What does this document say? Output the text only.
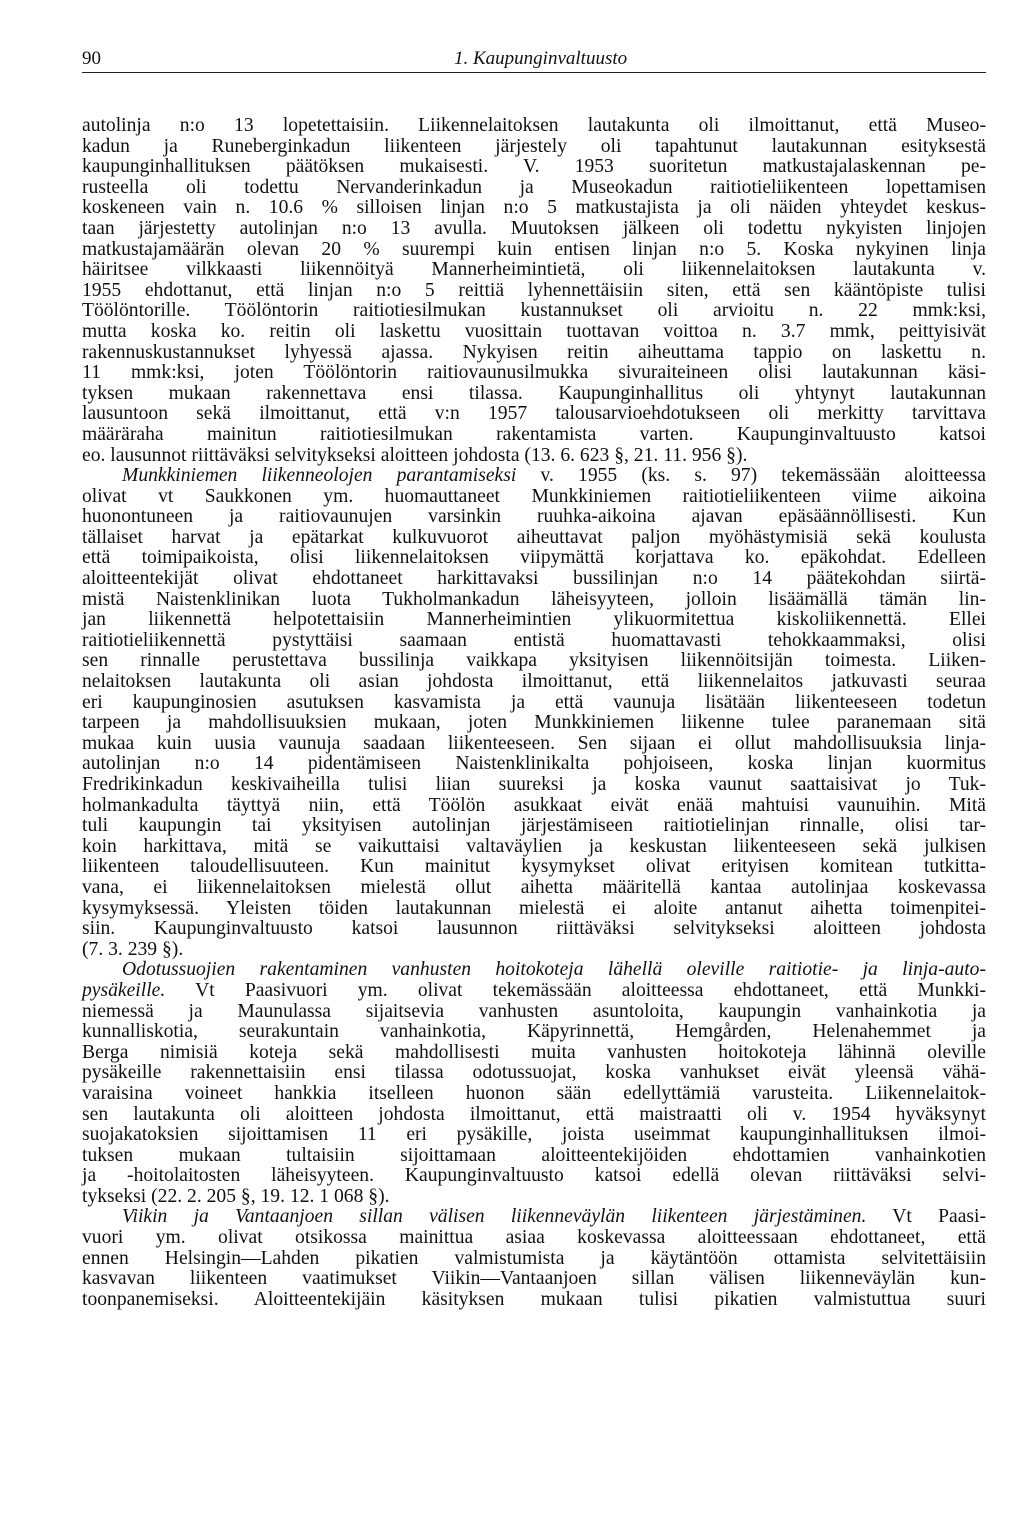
90	1. Kaupunginvaltuusto
autolinja n:o 13 lopetettaisiin. Liikennelaitoksen lautakunta oli ilmoittanut, että Museo-
kadun ja Runeberginkadun liikenteen järjestely oli tapahtunut lautakunnan esityksestä
kaupunginhallituksen päätöksen mukaisesti. V. 1953 suoritetun matkustajalaskennan pe-
rusteella oli todettu Nervanderinkadun ja Museokadun raitiotieliikenteen lopettamisen
koskeneen vain n. 10.6 % silloisen linjan n:o 5 matkustajista ja oli näiden yhteydet keskus-
taan järjestetty autolinjan n:o 13 avulla. Muutoksen jälkeen oli todettu nykyisten linjojen
matkustajamäärän olevan 20 % suurempi kuin entisen linjan n:o 5. Koska nykyinen linja
häiritsee vilkkaasti liikennöityä Mannerheimintietä, oli liikennelaitoksen lautakunta v.
1955 ehdottanut, että linjan n:o 5 reittiä lyhennettäisiin siten, että sen kääntöpiste tulisi
Töölöntorille. Töölöntorin raitiotiesilmukan kustannukset oli arvioitu n. 22 mmk:ksi,
mutta koska ko. reitin oli laskettu vuosittain tuottavan voittoa n. 3.7 mmk, peittyisivät
rakennuskustannukset lyhyessä ajassa. Nykyisen reitin aiheuttama tappio on laskettu n.
11 mmk:ksi, joten Töölöntorin raitiovaunusilmukka sivuraiteineen olisi lautakunnan käsi-
tyksen mukaan rakennettava ensi tilassa. Kaupunginhallitus oli yhtynyt lautakunnan
lausuntoon sekä ilmoittanut, että v:n 1957 talousarvioehdotukseen oli merkitty tarvittava
määräraha mainitun raitiotiesilmukan rakentamista varten. Kaupunginvaltuusto katsoi
eo. lausunnot riittäväksi selvitykseksi aloitteen johdosta (13. 6. 623 §, 21. 11. 956 §).
Munkkiniemen liikenneolojen parantamiseksi v. 1955 (ks. s. 97) tekemässään aloitteessa
olivat vt Saukkonen ym. huomauttaneet Munkkiniemen raitiotieliikenteen viime aikoina
huonontuneen ja raitiovaunujen varsinkin ruuhka-aikoina ajavan epäsäännöllisesti. Kun
tällaiset harvat ja epätarkat kulkuvuorot aiheuttavat paljon myöhästymisiä sekä koulusta
että toimipaikoista, olisi liikennelaitoksen viipymättä korjattava ko. epäkohdat. Edelleen
aloitteentekijät olivat ehdottaneet harkittavaksi bussilinjan n:o 14 päätekohdan siirtä-
mistä Naistenklinikan luota Tukholmankadun läheisyyteen, jolloin lisäämällä tämän lin-
jan liikennettä helpotettaisiin Mannerheimintien ylikuormitettua kiskoliikennettä. Ellei
raitiotieliikennettä pystyttäisi saamaan entistä huomattavasti tehokkaammaksi, olisi
sen rinnalle perustettava bussilinja vaikkapa yksityisen liikennöitsijän toimesta. Liiken-
nelaitoksen lautakunta oli asian johdosta ilmoittanut, että liikennelaitos jatkuvasti seuraa
eri kaupunginosien asutuksen kasvamista ja että vaunuja lisätään liikenteeseen todetun
tarpeen ja mahdollisuuksien mukaan, joten Munkkiniemen liikenne tulee paranemaan sitä
mukaa kuin uusia vaunuja saadaan liikenteeseen. Sen sijaan ei ollut mahdollisuuksia linja-
autolinjan n:o 14 pidentämiseen Naistenklinikalta pohjoiseen, koska linjan kuormitus
Fredrikinkadun keskivaiheilla tulisi liian suureksi ja koska vaunut saattaisivat jo Tuk-
holmankadulta täyttyä niin, että Töölön asukkaat eivät enää mahtuisi vaunuihin. Mitä
tuli kaupungin tai yksityisen autolinjan järjestämiseen raitiotielinjan rinnalle, olisi tar-
koin harkittava, mitä se vaikuttaisi valtaväylien ja keskustan liikenteeseen sekä julkisen
liikenteen taloudellisuuteen. Kun mainitut kysymykset olivat erityisen komitean tutkitta-
vana, ei liikennelaitoksen mielestä ollut aihetta määritellä kantaa autolinjaa koskevassa
kysymyksessä. Yleisten töiden lautakunnan mielestä ei aloite antanut aihetta toimenpitei-
siin. Kaupunginvaltuusto katsoi lausunnon riittäväksi selvitykseksi aloitteen johdosta
(7. 3. 239 §).
Odotussuojien rakentaminen vanhusten hoitokoteja lähellä oleville raitiotie- ja linja-auto-
pysäkeille. Vt Paasivuori ym. olivat tekemässään aloitteessa ehdottaneet, että Munkki-
niemessä ja Maunulassa sijaitsevia vanhusten asuntoloita, kaupungin vanhainkotia ja
kunnalliskotia, seurakuntain vanhainkotia, Käpyrinnettä, Hemgården, Helenahemmet ja
Berga nimisiä koteja sekä mahdollisesti muita vanhusten hoitokoteja lähinnä oleville
pysäkeille rakennettaisiin ensi tilassa odotussuojat, koska vanhukset eivät yleensä vähä-
varaisina voineet hankkia itselleen huonon sään edellyttämiä varusteita. Liikennelaitok-
sen lautakunta oli aloitteen johdosta ilmoittanut, että maistraatti oli v. 1954 hyväksynyt
suojakatoksien sijoittamisen 11 eri pysäkille, joista useimmat kaupunginhallituksen ilmoi-
tuksen mukaan tultaisiin sijoittamaan aloitteentekijöiden ehdottamien vanhainkotien
ja -hoitolaitosten läheisyyteen. Kaupunginvaltuusto katsoi edellä olevan riittäväksi selvi-
tykseksi (22. 2. 205 §, 19. 12. 1 068 §).
Viikin ja Vantaanjoen sillan välisen liikenneväylän liikenteen järjestäminen. Vt Paasi-
vuori ym. olivat otsikossa mainittua asiaa koskevassa aloitteessaan ehdottaneet, että
ennen Helsingin—Lahden pikatien valmistumista ja käytäntöön ottamista selvitettäisiin
kasvavan liikenteen vaatimukset Viikin—Vantaanjoen sillan välisen liikenneväylän kun-
toonpanemiseksi. Aloitteentekijäin käsityksen mukaan tulisi pikatien valmistuttua suuri
